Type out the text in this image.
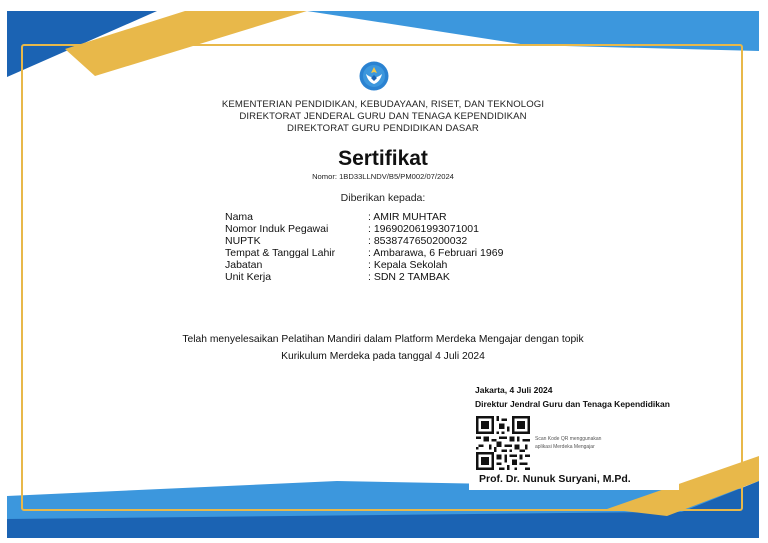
KEMENTERIAN PENDIDIKAN, KEBUDAYAAN, RISET, DAN TEKNOLOGI
DIREKTORAT JENDERAL GURU DAN TENAGA KEPENDIDIKAN
DIREKTORAT GURU PENDIDIKAN DASAR
Sertifikat
Nomor: 1BD33LLNDV/B5/PM002/07/2024
Diberikan kepada:
Nama	: AMIR MUHTAR
Nomor Induk Pegawai	: 196902061993071001
NUPTK	: 8538747650200032
Tempat & Tanggal Lahir	: Ambarawa, 6 Februari 1969
Jabatan	: Kepala Sekolah
Unit Kerja	: SDN 2 TAMBAK
Telah menyelesaikan Pelatihan Mandiri dalam Platform Merdeka Mengajar dengan topik
Kurikulum Merdeka pada tanggal 4 Juli 2024
Jakarta, 4 Juli 2024
Direktur Jendral Guru dan Tenaga Kependidikan
Scan Kode QR menggunakan
aplikasi Merdeka Mengajar
Prof. Dr. Nunuk Suryani, M.Pd.
